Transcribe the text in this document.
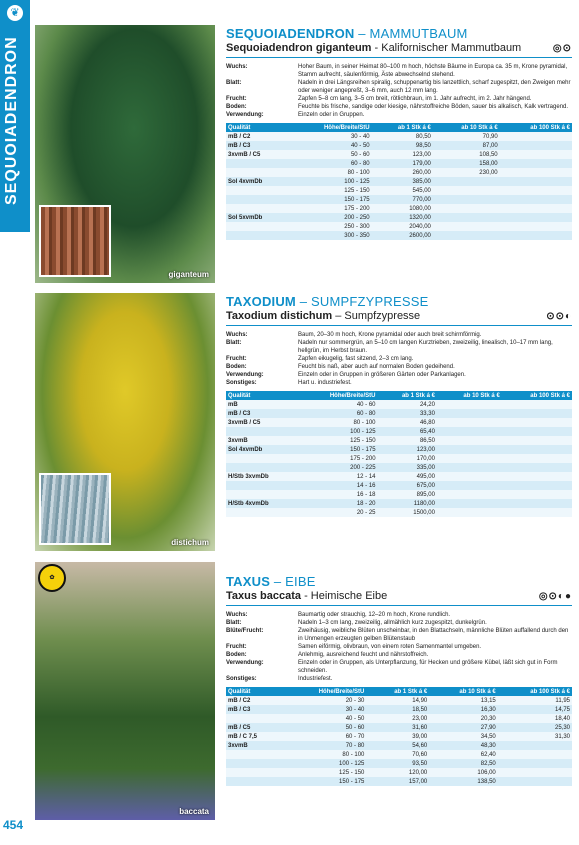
❦
SEQUOIADENDRON
454
giganteum
distichum
baccata
✿
SEQUOIADENDRON – MAMMUTBAUM
Sequoiadendron giganteum - Kalifornischer Mammutbaum	◎⊙
Wuchs:	Hoher Baum, in seiner Heimat 80–100 m hoch, höchste Bäume in Europa ca. 35 m, Krone pyramidal, Stamm aufrecht, säulenförmig, Äste abwechselnd stehend.
Blatt:	Nadeln in drei Längsreihen spiralig, schuppenartig bis lanzettlich, scharf zugespitzt, den Zweigen mehr oder weniger angepreßt, 3–6 mm, auch 12 mm lang.
Frucht:	Zapfen 5–8 cm lang, 3–5 cm breit, rötlichbraun, im 1. Jahr aufrecht, im 2. Jahr hängend.
Boden:	Feuchte bis frische, sandige oder kiesige, nährstoffreiche Böden, sauer bis alkalisch, Kalk vertragend.
Verwendung:	Einzeln oder in Gruppen.
Qualität	Höhe/Breite/StU	ab 1 Stk á €	ab 10 Stk á €	ab 100 Stk á €
mB / C2	30 - 40	80,50	70,90	
mB / C3	40 - 50	98,50	87,00	
3xvmB / C5	50 - 60	123,00	108,50	
	60 - 80	179,00	158,00	
	80 - 100	260,00	230,00	
Sol 4xvmDb	100 - 125	385,00		
	125 - 150	545,00		
	150 - 175	770,00		
	175 - 200	1080,00		
Sol 5xvmDb	200 - 250	1320,00		
	250 - 300	2040,00		
	300 - 350	2600,00		
TAXODIUM – SUMPFZYPRESSE
Taxodium distichum – Sumpfzypresse	⊙⊙◐
Wuchs:	Baum, 20–30 m hoch, Krone pyramidal oder auch breit schirmförmig.
Blatt:	Nadeln nur sommergrün, an 5–10 cm langen Kurztrieben, zweizeilig, linealisch, 10–17 mm lang, hellgrün, im Herbst braun.
Frucht:	Zapfen eikugelig, fast sitzend, 2–3 cm lang.
Boden:	Feucht bis naß, aber auch auf normalen Boden gedeihend.
Verwendung:	Einzeln oder in Gruppen in größeren Gärten oder Parkanlagen.
Sonstiges:	Hart u. industriefest.
Qualität	Höhe/Breite/StU	ab 1 Stk á €	ab 10 Stk á €	ab 100 Stk á €
mB	40 - 60	24,20		
mB / C3	60 - 80	33,30		
3xvmB / C5	80 - 100	46,80		
	100 - 125	65,40		
3xvmB	125 - 150	86,50		
Sol 4xvmDb	150 - 175	123,00		
	175 - 200	170,00		
	200 - 225	335,00		
H/Stb 3xvmDb	12 - 14	495,00		
	14 - 16	675,00		
	16 - 18	895,00		
H/Stb 4xvmDb	18 - 20	1180,00		
	20 - 25	1500,00		
TAXUS – EIBE
Taxus baccata - Heimische Eibe	◎⊙◐●
Wuchs:	Baumartig oder strauchig, 12–20 m hoch, Krone rundlich.
Blatt:	Nadeln 1–3 cm lang, zweizeilig, allmählich kurz zugespitzt, dunkelgrün.
Blüte/Frucht:	Zweihäusig, weibliche Blüten unscheinbar, in den Blattachseln, männliche Blüten auffallend durch den in Unmengen erzeugten gelben Blütenstaub
Frucht:	Samen eiförmig, olivbraun, von einem roten Samenmantel umgeben.
Boden:	Anlehmig, ausreichend feucht und nährstoffreich.
Verwendung:	Einzeln oder in Gruppen, als Unterpflanzung, für Hecken und größere Kübel, läßt sich gut in Form schneiden.
Sonstiges:	Industriefest.
Qualität	Höhe/Breite/StU	ab 1 Stk á €	ab 10 Stk á €	ab 100 Stk á €
mB / C2	20 - 30	14,90	13,15	11,95
mB / C3	30 - 40	18,50	16,30	14,75
	40 - 50	23,00	20,30	18,40
mB / C5	50 - 60	31,60	27,90	25,30
mB / C 7,5	60 - 70	39,00	34,50	31,30
3xvmB	70 - 80	54,60	48,30	
	80 - 100	70,60	62,40	
	100 - 125	93,50	82,50	
	125 - 150	120,00	106,00	
	150 - 175	157,00	138,50	
